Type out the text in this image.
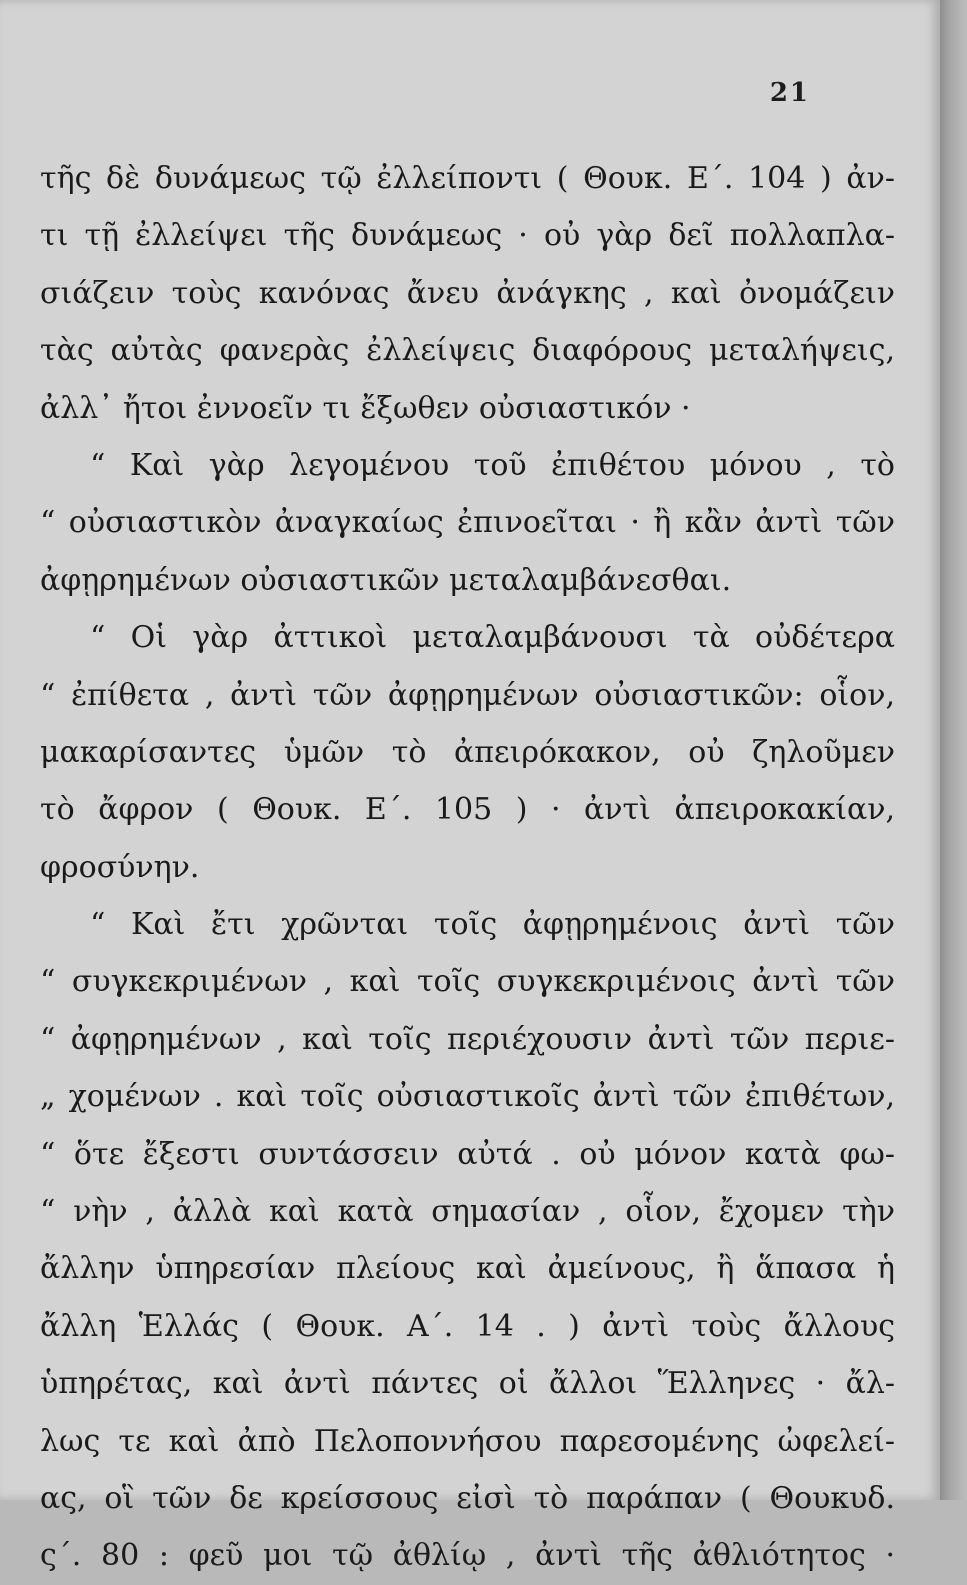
21
τῆς δὲ δυνάμεως τῷ ἐλλείποντι ( Θουκ. Ε΄. 104 ) ἀν-
τι τῇ ἐλλείψει τῆς δυνάμεως · οὐ γὰρ δεῖ πολλαπλα-
σιάζειν τοὺς κανόνας ἄνευ ἀνάγκης , καὶ ὀνομάζειν
τὰς αὐτὰς φανερὰς ἐλλείψεις διαφόρους μεταλήψεις,
ἀλλ᾽ ἤτοι ἐννοεῖν τι ἔξωθεν οὐσιαστικόν ·
“ Καὶ γὰρ λεγομένου τοῦ ἐπιθέτου μόνου , τὸ
“ οὐσιαστικὸν ἀναγκαίως ἐπινοεῖται · ἢ κἂν ἀντὶ τῶν
ἀφῃρημένων οὐσιαστικῶν μεταλαμβάνεσθαι.
“ Οἱ γὰρ ἀττικοὶ μεταλαμβάνουσι τὰ οὐδέτερα
“ ἐπίθετα , ἀντὶ τῶν ἀφῃρημένων οὐσιαστικῶν: οἷον,
μακαρίσαντες ὑμῶν τὸ ἀπειρόκακον, οὐ ζηλοῦμεν
τὸ ἄφρον ( Θουκ. Ε΄. 105 ) · ἀντὶ ἀπειροκακίαν,
φροσύνην.
“ Καὶ ἔτι χρῶνται τοῖς ἀφῃρημένοις ἀντὶ τῶν
“ συγκεκριμένων , καὶ τοῖς συγκεκριμένοις ἀντὶ τῶν
“ ἀφῃρημένων , καὶ τοῖς περιέχουσιν ἀντὶ τῶν περιε-
„ χομένων . καὶ τοῖς οὐσιαστικοῖς ἀντὶ τῶν ἐπιθέτων,
“ ὅτε ἔξεστι συντάσσειν αὐτά . οὐ μόνον κατὰ φω-
“ νὴν , ἀλλὰ καὶ κατὰ σημασίαν , οἷον, ἔχομεν τὴν
ἄλλην ὑπηρεσίαν πλείους καὶ ἀμείνους, ἢ ἅπασα ἡ
ἄλλη Ἑλλάς ( Θουκ. Α΄. 14 . ) ἀντὶ τοὺς ἄλλους
ὑπηρέτας, καὶ ἀντὶ πάντες οἱ ἄλλοι Ἕλληνες · ἄλ-
λως τε καὶ ἀπὸ Πελοποννήσου παρεσομένης ὠφελεί-
ας, οἳ τῶν δε κρείσσους εἰσὶ τὸ παράπαν ( Θουκυδ.
ς΄. 80 : φεῦ μοι τῷ ἀθλίῳ , ἀντὶ τῆς ἀθλιότητος ·
